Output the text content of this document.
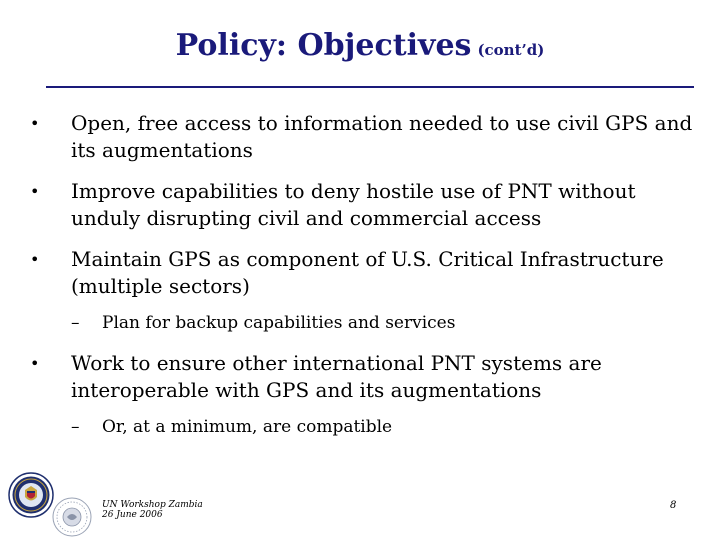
Policy: Objectives (cont’d)
• Open, free access to information needed to use civil GPS and its augmentations
• Improve capabilities to deny hostile use of PNT without unduly disrupting civil and commercial access
• Maintain GPS as component of U.S. Critical Infrastructure (multiple sectors)
– Plan for backup capabilities and services
• Work to ensure other international PNT systems are interoperable with GPS and its augmentations
– Or, at a minimum, are compatible
UN Workshop Zambia
26 June 2006
8
